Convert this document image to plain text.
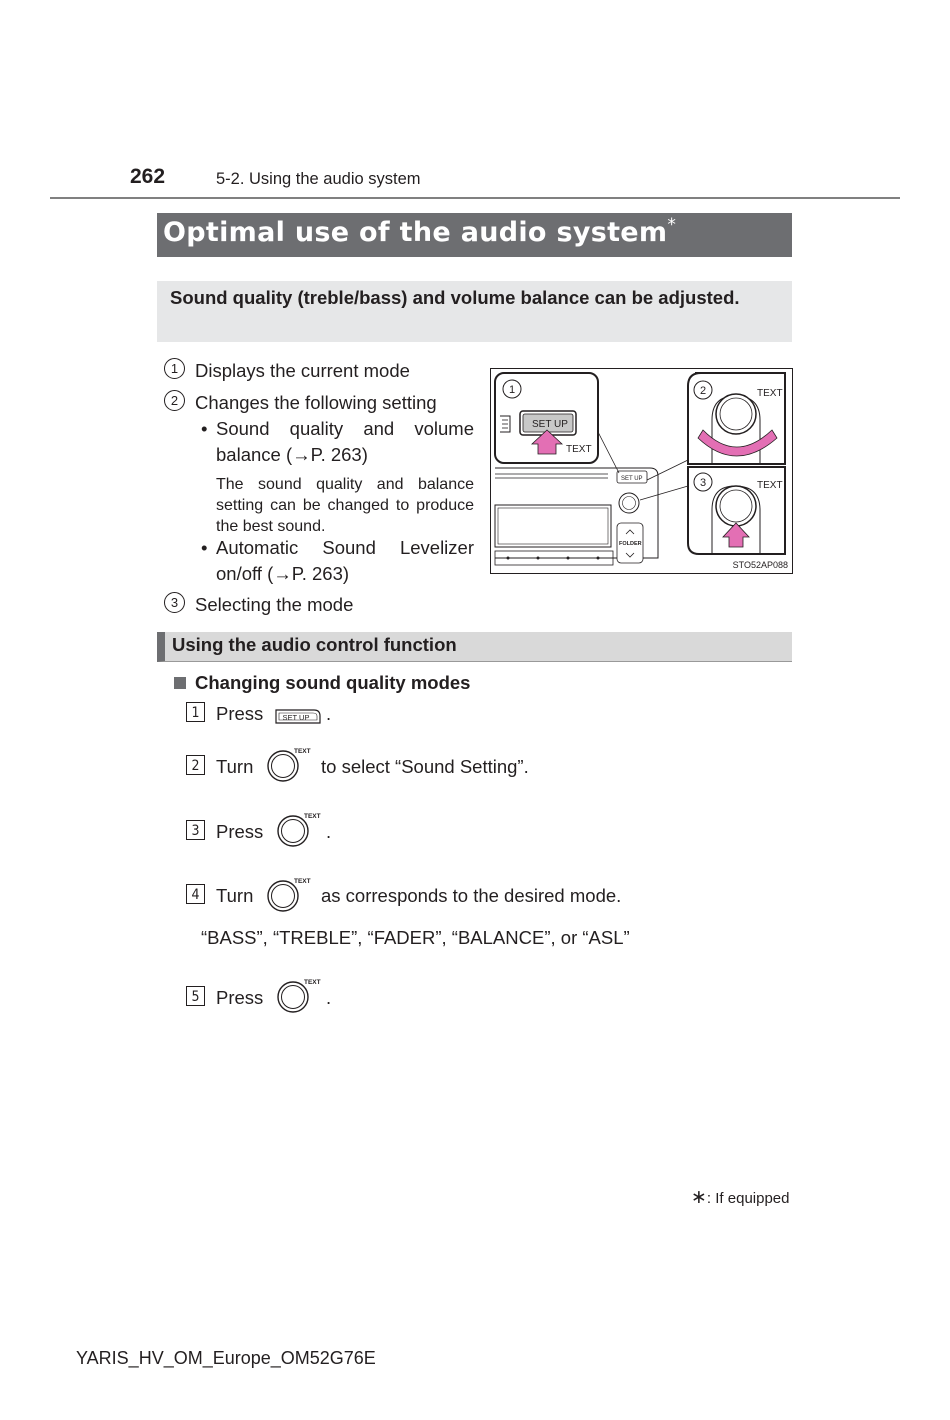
262	5-2. Using the audio system
Optimal use of the audio system*
Sound quality (treble/bass) and volume balance can be adjusted.
1 Displays the current mode
2 Changes the following setting
• Sound quality and volume balance (→P. 263)
The sound quality and balance setting can be changed to produce the best sound.
• Automatic Sound Levelizer on/off (→P. 263)
3 Selecting the mode
SET UP
FOLDER
1
SET UP
TEXT
2	TEXT
3	TEXT
STO52AP088
Using the audio control function
Changing sound quality modes
1 Press	SET UP .
2 Turn
TEXT
to select “Sound Setting”.
3 Press
TEXT
.
4 Turn
TEXT
as corresponds to the desired mode.
“BASS”, “TREBLE”, “FADER”, “BALANCE”, or “ASL”
5 Press
TEXT
.
∗: If equipped
YARIS_HV_OM_Europe_OM52G76E
